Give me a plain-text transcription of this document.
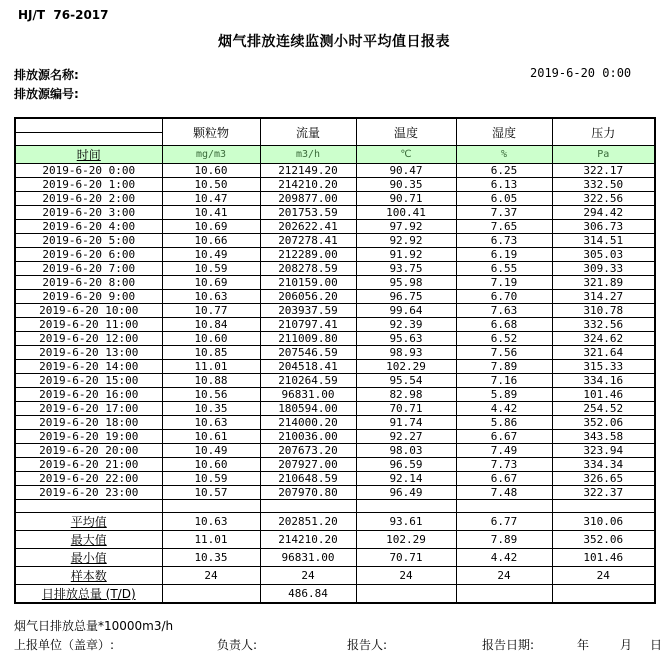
HJ/T  76-2017
烟气排放连续监测小时平均值日报表
排放源名称:	2019-6-20 0:00
排放源编号:
	颗粒物	流量	温度	湿度	压力
时间	mg/m3	m3/h	℃	%	Pa
2019-6-20 0:00	10.60	212149.20	90.47	6.25	322.17
2019-6-20 1:00	10.50	214210.20	90.35	6.13	332.50
2019-6-20 2:00	10.47	209877.00	90.71	6.05	322.56
2019-6-20 3:00	10.41	201753.59	100.41	7.37	294.42
2019-6-20 4:00	10.69	202622.41	97.92	7.65	306.73
2019-6-20 5:00	10.66	207278.41	92.92	6.73	314.51
2019-6-20 6:00	10.49	212289.00	91.92	6.19	305.03
2019-6-20 7:00	10.59	208278.59	93.75	6.55	309.33
2019-6-20 8:00	10.69	210159.00	95.98	7.19	321.89
2019-6-20 9:00	10.63	206056.20	96.75	6.70	314.27
2019-6-20 10:00	10.77	203937.59	99.64	7.63	310.78
2019-6-20 11:00	10.84	210797.41	92.39	6.68	332.56
2019-6-20 12:00	10.60	211009.80	95.63	6.52	324.62
2019-6-20 13:00	10.85	207546.59	98.93	7.56	321.64
2019-6-20 14:00	11.01	204518.41	102.29	7.89	315.33
2019-6-20 15:00	10.88	210264.59	95.54	7.16	334.16
2019-6-20 16:00	10.56	96831.00	82.98	5.89	101.46
2019-6-20 17:00	10.35	180594.00	70.71	4.42	254.52
2019-6-20 18:00	10.63	214000.20	91.74	5.86	352.06
2019-6-20 19:00	10.61	210036.00	92.27	6.67	343.58
2019-6-20 20:00	10.49	207673.20	98.03	7.49	323.94
2019-6-20 21:00	10.60	207927.00	96.59	7.73	334.34
2019-6-20 22:00	10.59	210648.59	92.14	6.67	326.65
2019-6-20 23:00	10.57	207970.80	96.49	7.48	322.37

平均值	10.63	202851.20	93.61	6.77	310.06
最大值	11.01	214210.20	102.29	7.89	352.06
最小值	10.35	96831.00	70.71	4.42	101.46
样本数	24	24	24	24	24
日排放总量 (T/D)		486.84			
烟气日排放总量*10000m3/h
上报单位（盖章）:	负责人:	报告人:	报告日期:	年	月 日
